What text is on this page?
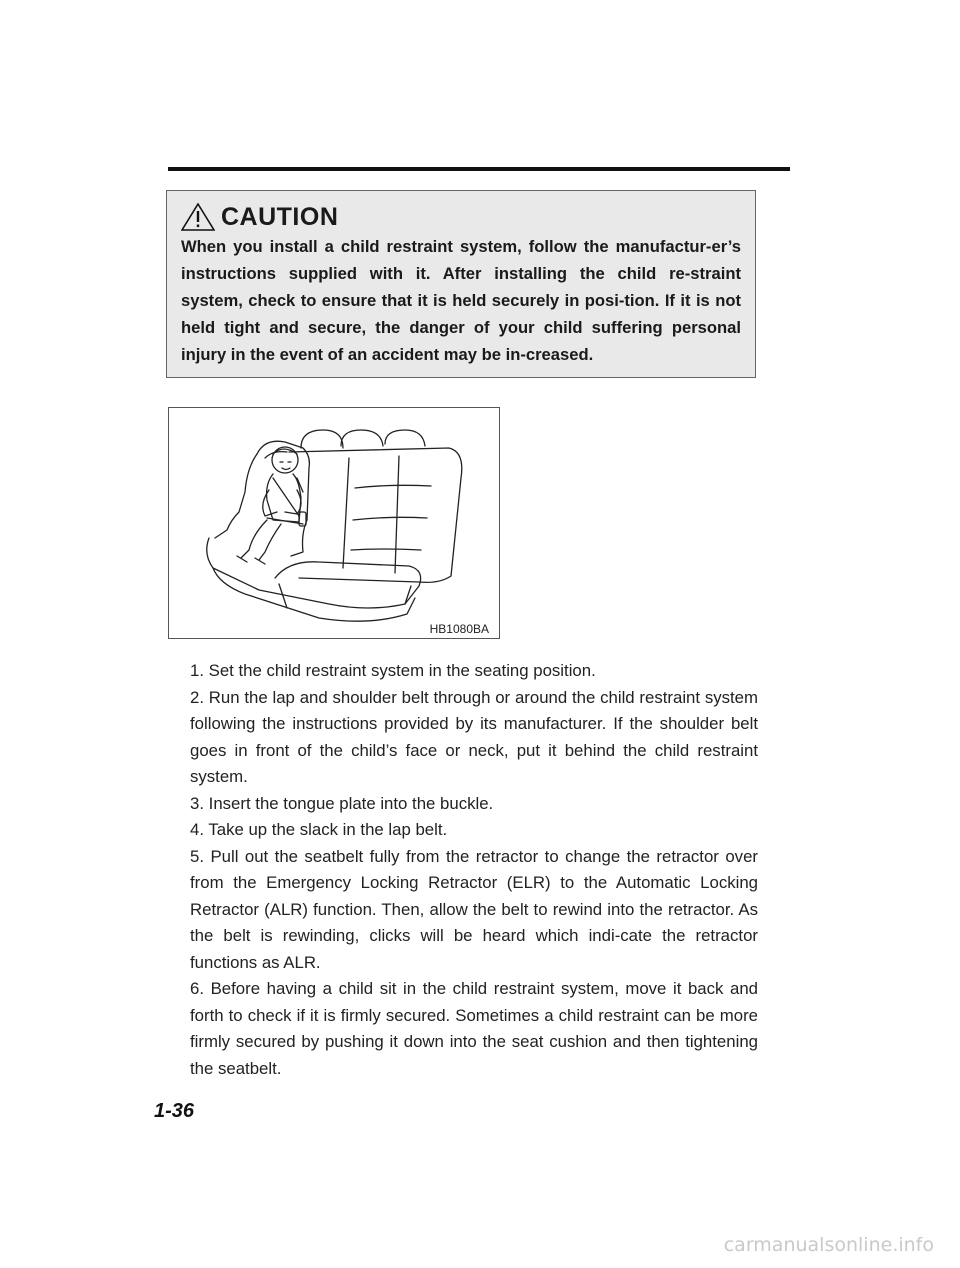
CAUTION

When you install a child restraint system, follow the manufactur-er’s instructions supplied with it. After installing the child re-straint system, check to ensure that it is held securely in posi-tion. If it is not held tight and secure, the danger of your child suffering personal injury in the event of an accident may be in-creased.

HB1080BA

1. Set the child restraint system in the seating position.

2. Run the lap and shoulder belt through or around the child restraint system following the instructions provided by its manufacturer. If the shoulder belt goes in front of the child’s face or neck, put it behind the child restraint system.

3. Insert the tongue plate into the buckle.

4. Take up the slack in the lap belt.

5. Pull out the seatbelt fully from the retractor to change the retractor over from the Emergency Locking Retractor (ELR) to the Automatic Locking Retractor (ALR) function. Then, allow the belt to rewind into the retractor. As the belt is rewinding, clicks will be heard which indi-cate the retractor functions as ALR.

6. Before having a child sit in the child restraint system, move it back and forth to check if it is firmly secured. Sometimes a child restraint can be more firmly secured by pushing it down into the seat cushion and then tightening the seatbelt.

1-36
carmanualsonline.info
